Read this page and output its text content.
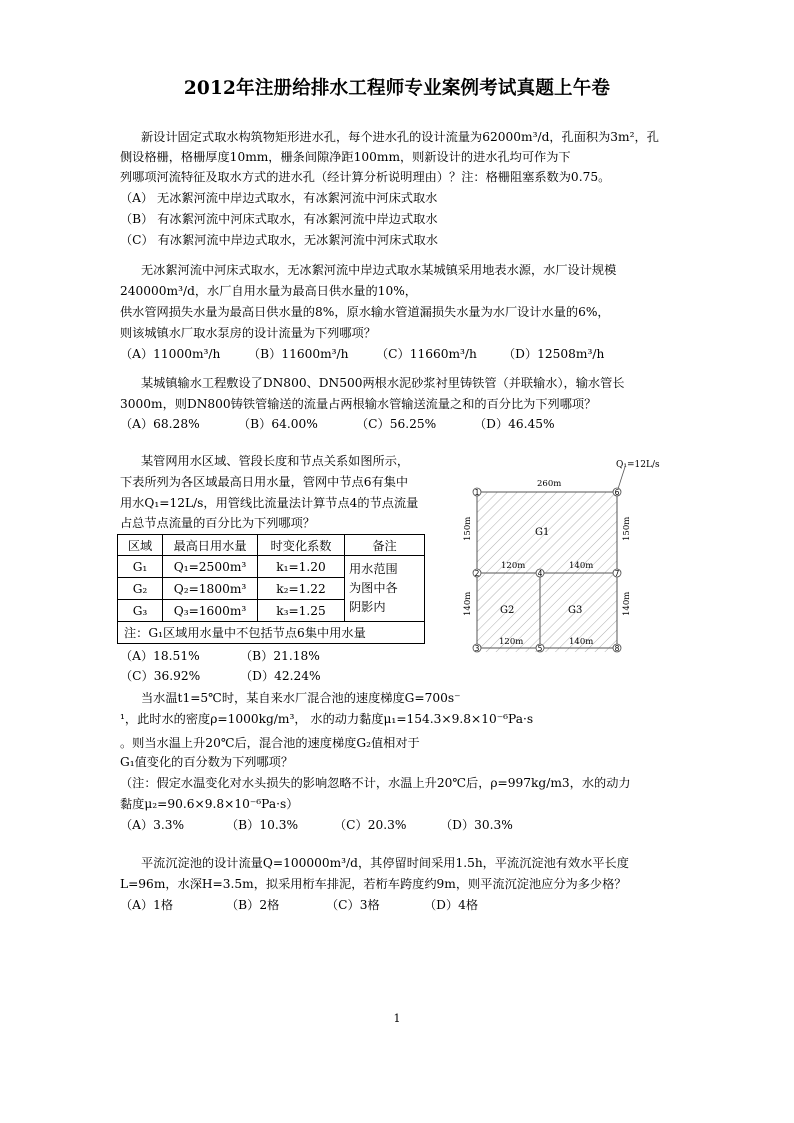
2012年注册给排水工程师专业案例考试真题上午卷
新设计固定式取水构筑物矩形进水孔，每个进水孔的设计流量为62000m³/d，孔面积为3m²，孔
侧设格栅，格栅厚度10mm，栅条间隙净距100mm，则新设计的进水孔均可作为下
列哪项河流特征及取水方式的进水孔（经计算分析说明理由）？注：格栅阻塞系数为0.75。
（A） 无冰絮河流中岸边式取水，有冰絮河流中河床式取水
（B） 有冰絮河流中河床式取水，有冰絮河流中岸边式取水
（C） 有冰絮河流中岸边式取水，无冰絮河流中河床式取水
无冰絮河流中河床式取水，无冰絮河流中岸边式取水某城镇采用地表水源，水厂设计规模
240000m³/d，水厂自用水量为最高日供水量的10%，
供水管网损失水量为最高日供水量的8%，原水输水管道漏损失水量为水厂设计水量的6%，
则该城镇水厂取水泵房的设计流量为下列哪项？
（A）11000m³/h （B）11600m³/h （C）11660m³/h （D）12508m³/h
某城镇输水工程敷设了DN800、DN500两根水泥砂浆衬里铸铁管（并联输水），输水管长
3000m，则DN800铸铁管输送的流量占两根输水管输送流量之和的百分比为下列哪项？
（A）68.28%	（B）64.00%	（C）56.25%	（D）46.45%
某管网用水区域、管段长度和节点关系如图所示，
下表所列为各区域最高日用水量，管网中节点6有集中
用水Q₁=12L/s，用管线比流量法计算节点4的节点流量
占总节点流量的百分比为下列哪项？
区域	最高日用水量	时变化系数	备注
G₁	Q₁=2500m³	k₁=1.20	用水范围
为图中各
阴影内

G₂	Q₂=1800m³	k₂=1.22	
G₃	Q₃=1600m³	k₃=1.25	
注：G₁区域用水量中不包括节点6集中用水量			
（A）18.51%	（B）21.18%
（C）36.92%	（D）42.24%
Q₁=12L/s
260m
150m	150m
120m	140m
140m	140m
120m	140m
G1
G2	G3
1
2
3
4
5
6
7
8
当水温t1=5℃时，某自来水厂混合池的速度梯度G=700s⁻
¹，此时水的密度ρ=1000kg/m³， 水的动力黏度μ₁=154.3×9.8×10⁻⁶Pa·s
。则当水温上升20℃后，混合池的速度梯度G₂值相对于
G₁值变化的百分数为下列哪项？
（注：假定水温变化对水头损失的影响忽略不计，水温上升20℃后，ρ=997kg/m3，水的动力
黏度μ₂=90.6×9.8×10⁻⁶Pa·s）
（A）3.3%	（B）10.3%	（C）20.3%	（D）30.3%
平流沉淀池的设计流量Q=100000m³/d，其停留时间采用1.5h，平流沉淀池有效水平长度
L=96m，水深H=3.5m，拟采用桁车排泥，若桁车跨度约9m，则平流沉淀池应分为多少格？
（A）1格	（B）2格	（C）3格	（D）4格
1
